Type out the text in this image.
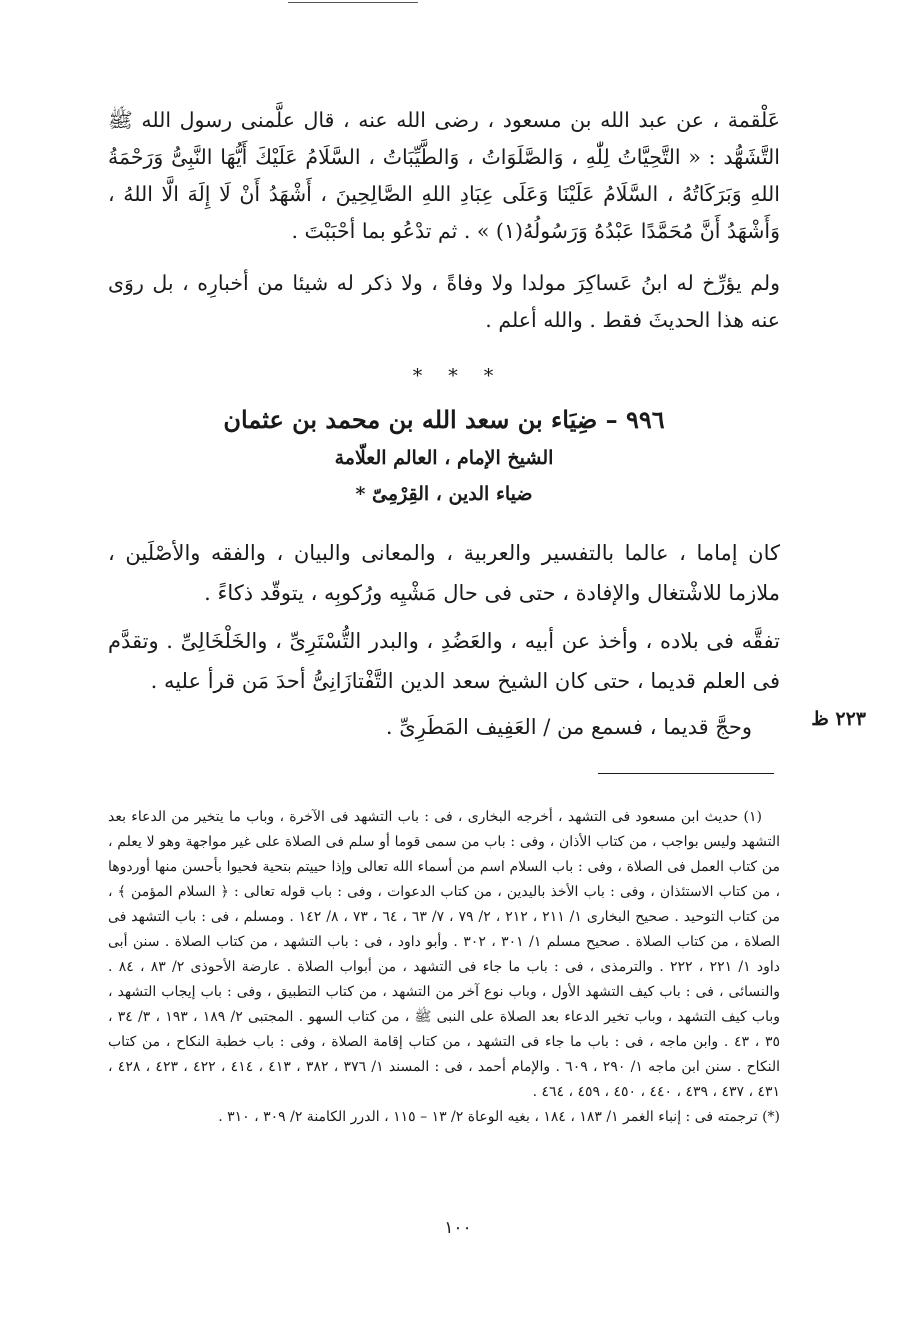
عَلْقمة ، عن عبد الله بن مسعود ، رضى الله عنه ، قال علَّمنى رسول الله ﷺ التَّشَهُّد : « التَّحِيَّاتُ لِلّٰهِ ، وَالصَّلَوَاتُ ، وَالطَّيِّبَاتُ ، السَّلَامُ عَلَيْكَ أَيُّهَا النَّبِىُّ وَرَحْمَةُ اللهِ وَبَرَكَاتُهُ ، السَّلَامُ عَلَيْنَا وَعَلَى عِبَادِ اللهِ الصَّالِحِينَ ، أَشْهَدُ أَنْ لَا إِلَهَ الَّا اللهُ ، وَأَشْهَدُ أَنَّ مُحَمَّدًا عَبْدُهُ وَرَسُولُهُ(١) » . ثم تدْعُو بما أحْبَبْتَ .

ولم يؤرِّخ له ابنُ عَساكِرَ مولدا ولا وفاةً ، ولا ذكر له شيئا من أخبارِه ، بل روَى عنه هذا الحديثَ فقط . والله أعلم .

* * *
٩٩٦ – ضِيَاء بن سعد الله بن محمد بن عثمان
الشيخ الإمام ، العالم العلّامة
ضياء الدين ، القِرْمِىّ *

كان إماما ، عالما بالتفسير والعربية ، والمعانى والبيان ، والفقه والأصْلَين ، ملازما للاشْتغال والإفادة ، حتى فى حال مَشْيِه ورُكوبِه ، يتوقّد ذكاءً .

تفقَّه فى بلاده ، وأخذ عن أبيه ، والعَضُدِ ، والبدر التُّسْتَرِىِّ ، والخَلْخَالِىِّ . وتقدَّم فى العلم قديما ، حتى كان الشيخ سعد الدين التَّفْتازَانِىُّ أحدَ مَن قرأ عليه .

وحجَّ قديما ، فسمع من / العَفِيف المَطَرِىِّ .	٢٢٣ ظ

(١) حديث ابن مسعود فى التشهد ، أخرجه البخارى ، فى : باب التشهد فى الآخرة ، وباب ما يتخير من الدعاء بعد التشهد وليس بواجب ، من كتاب الأذان ، وفى : باب من سمى قوما أو سلم فى الصلاة على غير مواجهة وهو لا يعلم ، من كتاب العمل فى الصلاة ، وفى : باب السلام اسم من أسماء الله تعالى وإذا حييتم بتحية فحيوا بأحسن منها أوردوها ، من كتاب الاستئذان ، وفى : باب الأخذ باليدين ، من كتاب الدعوات ، وفى : باب قوله تعالى : ﴿ السلام المؤمن ﴾ ، من كتاب التوحيد . صحيح البخارى ١/ ٢١١ ، ٢١٢ ، ٢/ ٧٩ ، ٧/ ٦٣ ، ٦٤ ، ٧٣ ، ٨/ ١٤٢ . ومسلم ، فى : باب التشهد فى الصلاة ، من كتاب الصلاة . صحيح مسلم ١/ ٣٠١ ، ٣٠٢ . وأبو داود ، فى : باب التشهد ، من كتاب الصلاة . سنن أبى داود ١/ ٢٢١ ، ٢٢٢ . والترمذى ، فى : باب ما جاء فى التشهد ، من أبواب الصلاة . عارضة الأحوذى ٢/ ٨٣ ، ٨٤ . والنسائى ، فى : باب كيف التشهد الأول ، وباب نوع آخر من التشهد ، من كتاب التطبيق ، وفى : باب إيجاب التشهد ، وباب كيف التشهد ، وباب تخير الدعاء بعد الصلاة على النبى ﷺ ، من كتاب السهو . المجتبى ٢/ ١٨٩ ، ١٩٣ ، ٣/ ٣٤ ، ٣٥ ، ٤٣ . وابن ماجه ، فى : باب ما جاء فى التشهد ، من كتاب إقامة الصلاة ، وفى : باب خطبة النكاح ، من كتاب النكاح . سنن ابن ماجه ١/ ٢٩٠ ، ٦٠٩ . والإمام أحمد ، فى : المسند ١/ ٣٧٦ ، ٣٨٢ ، ٤١٣ ، ٤١٤ ، ٤٢٢ ، ٤٢٣ ، ٤٢٨ ، ٤٣١ ، ٤٣٧ ، ٤٣٩ ، ٤٤٠ ، ٤٥٠ ، ٤٥٩ ، ٤٦٤ .

(*) ترجمته فى : إنباء الغمر ١/ ١٨٣ ، ١٨٤ ، بغيه الوعاة ٢/ ١٣ – ١١٥ ، الدرر الكامنة ٢/ ٣٠٩ ، ٣١٠ .

١٠٠
